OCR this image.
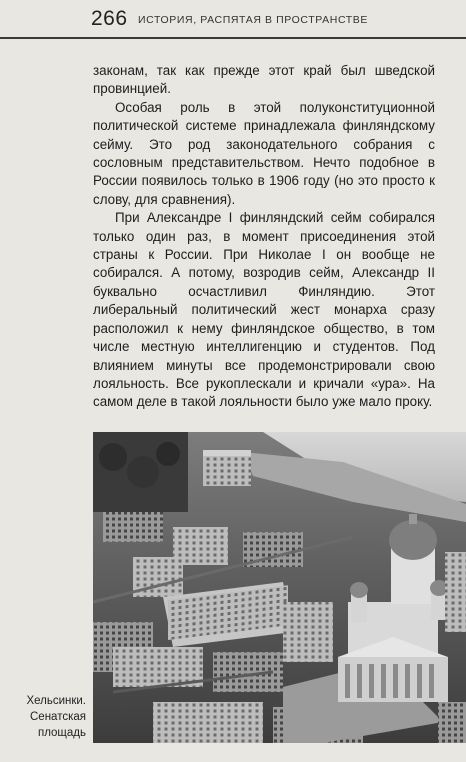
266 ИСТОРИЯ, РАСПЯТАЯ В ПРОСТРАНСТВЕ

законам, так как прежде этот край был шведской провинцией.

Особая роль в этой полуконституционной политической системе принадлежала финляндскому сейму. Это род законодательного собрания с сословным представительством. Нечто подобное в России появилось только в 1906 году (но это просто к слову, для сравнения).

При Александре I финляндский сейм собирался только один раз, в момент присоединения этой страны к России. При Николае I он вообще не собирался. А потому, возродив сейм, Александр II буквально осчастливил Финляндию. Этот либеральный политический жест монарха сразу расположил к нему финляндское общество, в том числе местную интеллигенцию и студентов. Под влиянием минуты все продемонстрировали свою лояльность. Все рукоплескали и кричали «ура». На самом деле в такой лояльности было уже мало проку.

Хельсинки.
Сенатская
площадь
